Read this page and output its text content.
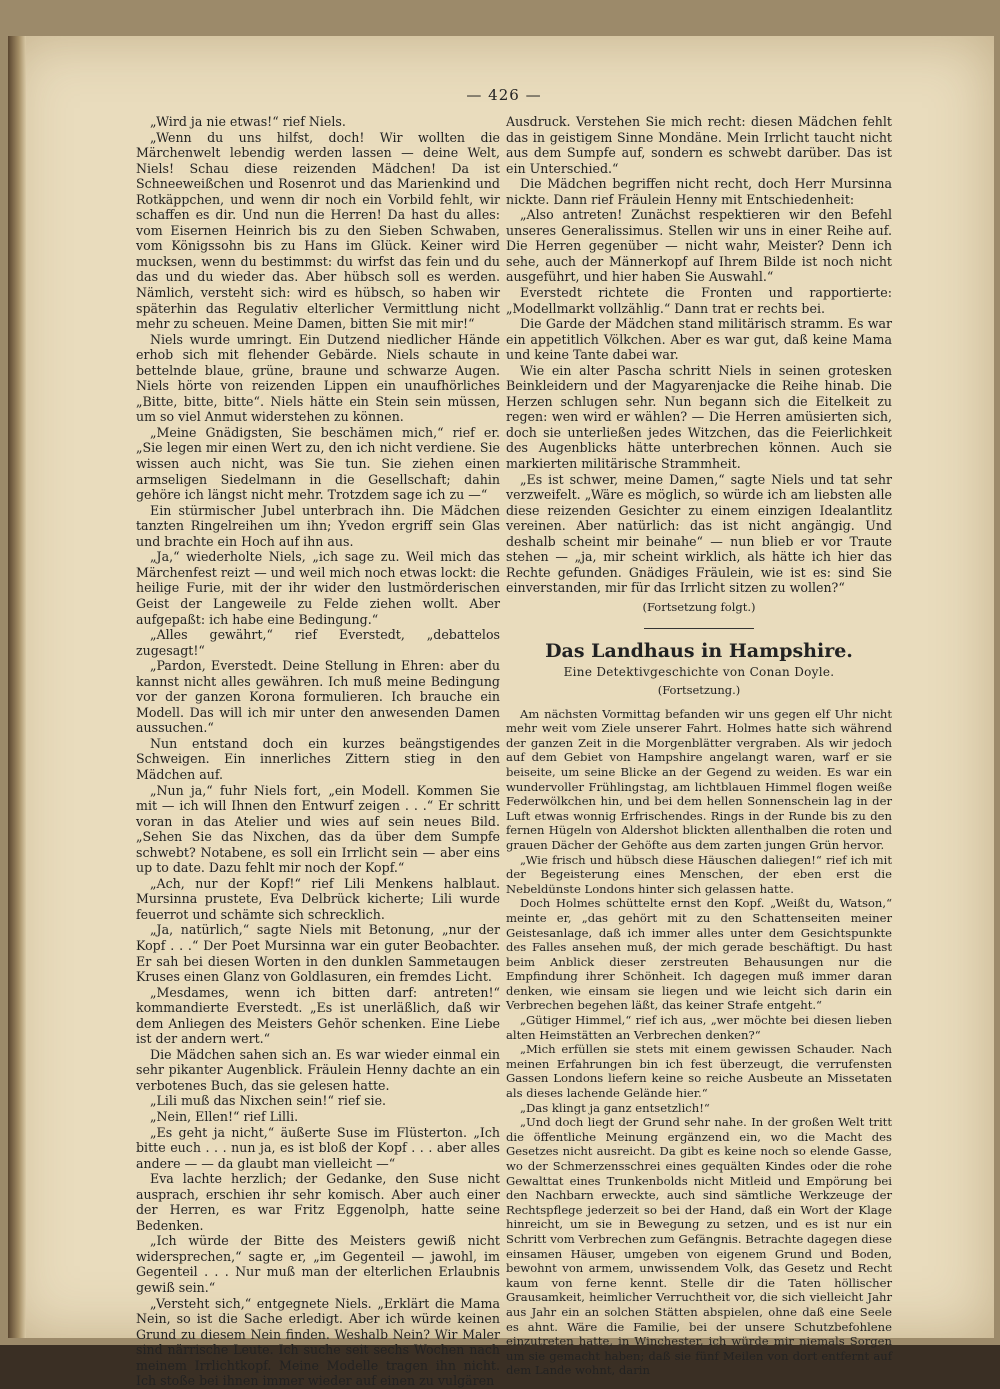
— 426 —

„Wird ja nie etwas!“ rief Niels.

„Wenn du uns hilfst, doch! Wir wollten die Märchenwelt lebendig werden lassen — deine Welt, Niels! Schau diese reizenden Mädchen! Da ist Schneeweißchen und Rosenrot und das Marienkind und Rotkäppchen, und wenn dir noch ein Vorbild fehlt, wir schaffen es dir. Und nun die Herren! Da hast du alles: vom Eisernen Heinrich bis zu den Sieben Schwaben, vom Königssohn bis zu Hans im Glück. Keiner wird mucksen, wenn du bestimmst: du wirfst das fein und du das und du wieder das. Aber hübsch soll es werden. Nämlich, versteht sich: wird es hübsch, so haben wir späterhin das Regulativ elterlicher Vermittlung nicht mehr zu scheuen. Meine Damen, bitten Sie mit mir!“

Niels wurde umringt. Ein Dutzend niedlicher Hände erhob sich mit flehender Gebärde. Niels schaute in bettelnde blaue, grüne, braune und schwarze Augen. Niels hörte von reizenden Lippen ein unaufhörliches „Bitte, bitte, bitte“. Niels hätte ein Stein sein müssen, um so viel Anmut widerstehen zu können.

„Meine Gnädigsten, Sie beschämen mich,“ rief er. „Sie legen mir einen Wert zu, den ich nicht verdiene. Sie wissen auch nicht, was Sie tun. Sie ziehen einen armseligen Siedelmann in die Gesellschaft; dahin gehöre ich längst nicht mehr. Trotzdem sage ich zu —“

Ein stürmischer Jubel unterbrach ihn. Die Mädchen tanzten Ringelreihen um ihn; Yvedon ergriff sein Glas und brachte ein Hoch auf ihn aus.

„Ja,“ wiederholte Niels, „ich sage zu. Weil mich das Märchenfest reizt — und weil mich noch etwas lockt: die heilige Furie, mit der ihr wider den lustmörderischen Geist der Langeweile zu Felde ziehen wollt. Aber aufgepaßt: ich habe eine Bedingung.“

„Alles gewährt,“ rief Everstedt, „debattelos zugesagt!“

„Pardon, Everstedt. Deine Stellung in Ehren: aber du kannst nicht alles gewähren. Ich muß meine Bedingung vor der ganzen Korona formulieren. Ich brauche ein Modell. Das will ich mir unter den anwesenden Damen aussuchen.“

Nun entstand doch ein kurzes beängstigendes Schweigen. Ein innerliches Zittern stieg in den Mädchen auf.

„Nun ja,“ fuhr Niels fort, „ein Modell. Kommen Sie mit — ich will Ihnen den Entwurf zeigen . . .“ Er schritt voran in das Atelier und wies auf sein neues Bild. „Sehen Sie das Nixchen, das da über dem Sumpfe schwebt? Notabene, es soll ein Irrlicht sein — aber eins up to date. Dazu fehlt mir noch der Kopf.“

„Ach, nur der Kopf!“ rief Lili Menkens halblaut. Mursinna prustete, Eva Delbrück kicherte; Lili wurde feuerrot und schämte sich schrecklich.

„Ja, natürlich,“ sagte Niels mit Betonung, „nur der Kopf . . .“ Der Poet Mursinna war ein guter Beobachter. Er sah bei diesen Worten in den dunklen Sammetaugen Kruses einen Glanz von Goldlasuren, ein fremdes Licht.

„Mesdames, wenn ich bitten darf: antreten!“ kommandierte Everstedt. „Es ist unerläßlich, daß wir dem Anliegen des Meisters Gehör schenken. Eine Liebe ist der andern wert.“

Die Mädchen sahen sich an. Es war wieder einmal ein sehr pikanter Augenblick. Fräulein Henny dachte an ein verbotenes Buch, das sie gelesen hatte.

„Lili muß das Nixchen sein!“ rief sie.

„Nein, Ellen!“ rief Lilli.

„Es geht ja nicht,“ äußerte Suse im Flüsterton. „Ich bitte euch . . . nun ja, es ist bloß der Kopf . . . aber alles andere — — da glaubt man vielleicht —“

Eva lachte herzlich; der Gedanke, den Suse nicht ausprach, erschien ihr sehr komisch. Aber auch einer der Herren, es war Fritz Eggenolph, hatte seine Bedenken.

„Ich würde der Bitte des Meisters gewiß nicht widersprechen,“ sagte er, „im Gegenteil — jawohl, im Gegenteil . . . Nur muß man der elterlichen Erlaubnis gewiß sein.“

„Versteht sich,“ entgegnete Niels. „Erklärt die Mama Nein, so ist die Sache erledigt. Aber ich würde keinen Grund zu diesem Nein finden. Weshalb Nein? Wir Maler sind närrische Leute. Ich suche seit sechs Wochen nach meinem Irrlichtkopf. Meine Modelle tragen ihn nicht. Ich stoße bei ihnen immer wieder auf einen zu vulgären

Ausdruck. Verstehen Sie mich recht: diesen Mädchen fehlt das in geistigem Sinne Mondäne. Mein Irrlicht taucht nicht aus dem Sumpfe auf, sondern es schwebt darüber. Das ist ein Unterschied.“

Die Mädchen begriffen nicht recht, doch Herr Mursinna nickte. Dann rief Fräulein Henny mit Entschiedenheit:

„Also antreten! Zunächst respektieren wir den Befehl unseres Generalissimus. Stellen wir uns in einer Reihe auf. Die Herren gegenüber — nicht wahr, Meister? Denn ich sehe, auch der Männerkopf auf Ihrem Bilde ist noch nicht ausgeführt, und hier haben Sie Auswahl.“

Everstedt richtete die Fronten und rapportierte: „Modellmarkt vollzählig.“ Dann trat er rechts bei.

Die Garde der Mädchen stand militärisch stramm. Es war ein appetitlich Völkchen. Aber es war gut, daß keine Mama und keine Tante dabei war.

Wie ein alter Pascha schritt Niels in seinen grotesken Beinkleidern und der Magyarenjacke die Reihe hinab. Die Herzen schlugen sehr. Nun begann sich die Eitelkeit zu regen: wen wird er wählen? — Die Herren amüsierten sich, doch sie unterließen jedes Witzchen, das die Feierlichkeit des Augenblicks hätte unterbrechen können. Auch sie markierten militärische Strammheit.

„Es ist schwer, meine Damen,“ sagte Niels und tat sehr verzweifelt. „Wäre es möglich, so würde ich am liebsten alle diese reizenden Gesichter zu einem einzigen Idealantlitz vereinen. Aber natürlich: das ist nicht angängig. Und deshalb scheint mir beinahe“ — nun blieb er vor Traute stehen — „ja, mir scheint wirklich, als hätte ich hier das Rechte gefunden. Gnädiges Fräulein, wie ist es: sind Sie einverstanden, mir für das Irrlicht sitzen zu wollen?“

(Fortsetzung folgt.)

Das Landhaus in Hampshire.

Eine Detektivgeschichte von Conan Doyle.

(Fortsetzung.)

Am nächsten Vormittag befanden wir uns gegen elf Uhr nicht mehr weit vom Ziele unserer Fahrt. Holmes hatte sich während der ganzen Zeit in die Morgenblätter vergraben. Als wir jedoch auf dem Gebiet von Hampshire angelangt waren, warf er sie beiseite, um seine Blicke an der Gegend zu weiden. Es war ein wundervoller Frühlingstag, am lichtblauen Himmel flogen weiße Federwölkchen hin, und bei dem hellen Sonnenschein lag in der Luft etwas wonnig Erfrischendes. Rings in der Runde bis zu den fernen Hügeln von Aldershot blickten allenthalben die roten und grauen Dächer der Gehöfte aus dem zarten jungen Grün hervor.

„Wie frisch und hübsch diese Häuschen daliegen!“ rief ich mit der Begeisterung eines Menschen, der eben erst die Nebeldünste Londons hinter sich gelassen hatte.

Doch Holmes schüttelte ernst den Kopf. „Weißt du, Watson,“ meinte er, „das gehört mit zu den Schattenseiten meiner Geistesanlage, daß ich immer alles unter dem Gesichtspunkte des Falles ansehen muß, der mich gerade beschäftigt. Du hast beim Anblick dieser zerstreuten Behausungen nur die Empfindung ihrer Schönheit. Ich dagegen muß immer daran denken, wie einsam sie liegen und wie leicht sich darin ein Verbrechen begehen läßt, das keiner Strafe entgeht.“

„Gütiger Himmel,“ rief ich aus, „wer möchte bei diesen lieben alten Heimstätten an Verbrechen denken?“

„Mich erfüllen sie stets mit einem gewissen Schauder. Nach meinen Erfahrungen bin ich fest überzeugt, die verrufensten Gassen Londons liefern keine so reiche Ausbeute an Missetaten als dieses lachende Gelände hier.“

„Das klingt ja ganz entsetzlich!“

„Und doch liegt der Grund sehr nahe. In der großen Welt tritt die öffentliche Meinung ergänzend ein, wo die Macht des Gesetzes nicht ausreicht. Da gibt es keine noch so elende Gasse, wo der Schmerzensschrei eines gequälten Kindes oder die rohe Gewalttat eines Trunkenbolds nicht Mitleid und Empörung bei den Nachbarn erweckte, auch sind sämtliche Werkzeuge der Rechtspflege jederzeit so bei der Hand, daß ein Wort der Klage hinreicht, um sie in Bewegung zu setzen, und es ist nur ein Schritt vom Verbrechen zum Gefängnis. Betrachte dagegen diese einsamen Häuser, umgeben von eigenem Grund und Boden, bewohnt von armem, unwissendem Volk, das Gesetz und Recht kaum von ferne kennt. Stelle dir die Taten höllischer Grausamkeit, heimlicher Verruchtheit vor, die sich vielleicht Jahr aus Jahr ein an solchen Stätten abspielen, ohne daß eine Seele es ahnt. Wäre die Familie, bei der unsere Schutzbefohlene einzutreten hatte, in Winchester, ich würde mir niemals Sorgen um sie gemacht haben; daß sie fünf Meilen von dort entfernt auf dem Lande wohnt, darin
